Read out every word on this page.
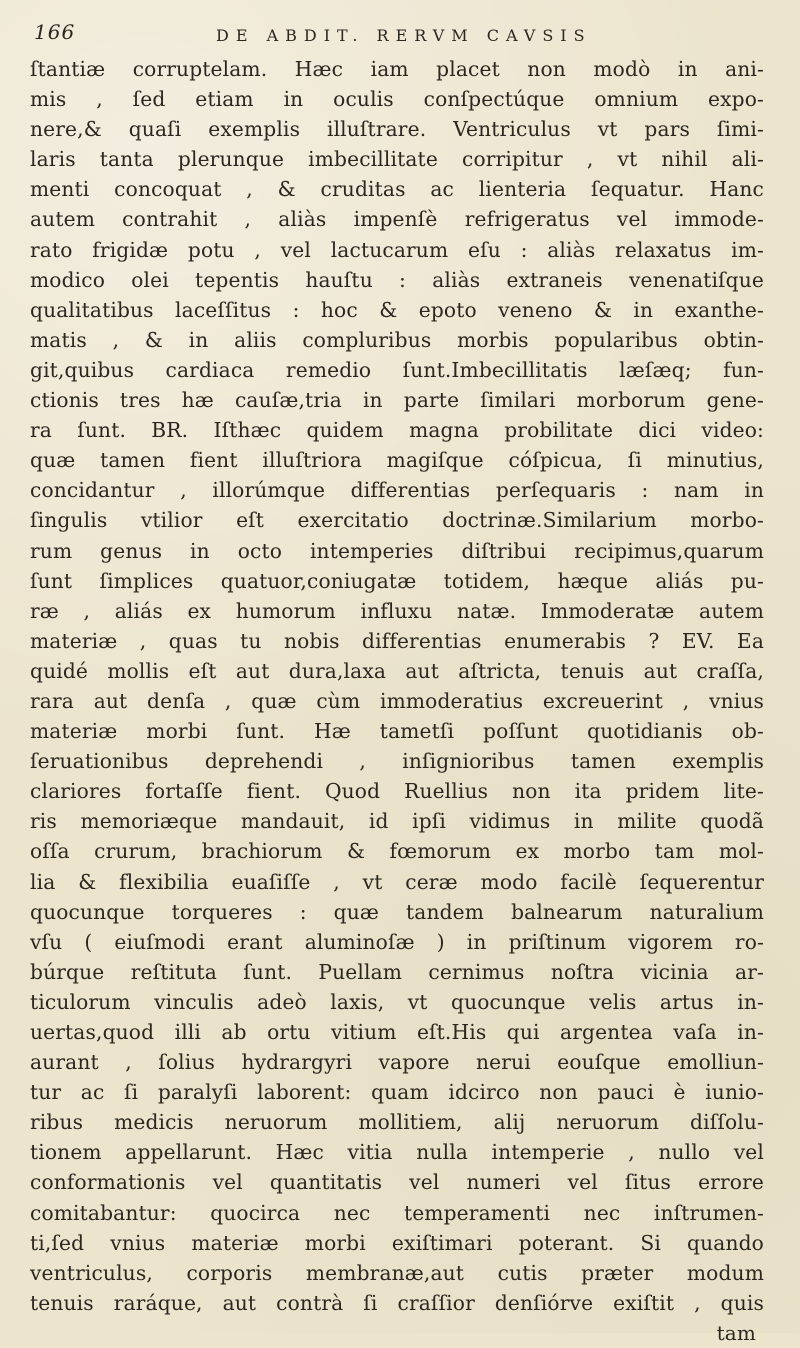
166	DE ABDIT. RERVM CAVSIS
ſtantiæ corruptelam. Hæc iam placet non modò in ani-
mis , ſed etiam in oculis conſpectúque omnium expo-
nere,& quaſi exemplis illuſtrare. Ventriculus vt pars ſimi-
laris tanta plerunque imbecillitate corripitur , vt nihil ali-
menti concoquat , & cruditas ac lienteria ſequatur. Hanc
autem contrahit , aliàs impenſè refrigeratus vel immode-
rato frigidæ potu , vel lactucarum eſu : aliàs relaxatus im-
modico olei tepentis hauſtu : aliàs extraneis venenatiſque
qualitatibus laceſſitus : hoc & epoto veneno & in exanthe-
matis , & in aliis compluribus morbis popularibus obtin-
git,quibus cardiaca remedio ſunt.Imbecillitatis læſæq; fun-
ctionis tres hæ cauſæ,tria in parte ſimilari morborum gene-
ra ſunt. BR. Iſthæc quidem magna probilitate dici video:
quæ tamen fient illuſtriora magiſque cóſpicua, ſi minutius,
concidantur , illorúmque differentias perſequaris : nam in
ſingulis vtilior eſt exercitatio doctrinæ.Similarium morbo-
rum genus in octo intemperies diſtribui recipimus,quarum
ſunt ſimplices quatuor,coniugatæ totidem, hæque aliás pu-
ræ , aliás ex humorum influxu natæ. Immoderatæ autem
materiæ , quas tu nobis differentias enumerabis ? EV. Ea
quidé mollis eſt aut dura,laxa aut aſtricta, tenuis aut craſſa,
rara aut denſa , quæ cùm immoderatius excreuerint , vnius
materiæ morbi ſunt. Hæ tametſi poſſunt quotidianis ob-
ſeruationibus deprehendi , inſignioribus tamen exemplis
clariores fortaſſe fient. Quod Ruellius non ita pridem lite-
ris memoriæque mandauit, id ipſi vidimus in milite quodã
oſſa crurum, brachiorum & fœmorum ex morbo tam mol-
lia & flexibilia euaſiſſe , vt ceræ modo facilè ſequerentur
quocunque torqueres : quæ tandem balnearum naturalium
vſu ( eiuſmodi erant aluminoſæ ) in priſtinum vigorem ro-
búrque reſtituta ſunt. Puellam cernimus noſtra vicinia ar-
ticulorum vinculis adeò laxis, vt quocunque velis artus in-
uertas,quod illi ab ortu vitium eſt.His qui argentea vaſa in-
aurant , ſolius hydrargyri vapore nerui eouſque emolliun-
tur ac ſi paralyſi laborent: quam idcirco non pauci è iunio-
ribus medicis neruorum mollitiem, alij neruorum diſſolu-
tionem appellarunt. Hæc vitia nulla intemperie , nullo vel
conformationis vel quantitatis vel numeri vel ſitus errore
comitabantur: quocirca nec temperamenti nec inſtrumen-
ti,ſed vnius materiæ morbi exiſtimari poterant. Si quando
ventriculus, corporis membranæ,aut cutis præter modum
tenuis raráque, aut contrà ſi craſſior denſiórve exiſtit , quis
tam
